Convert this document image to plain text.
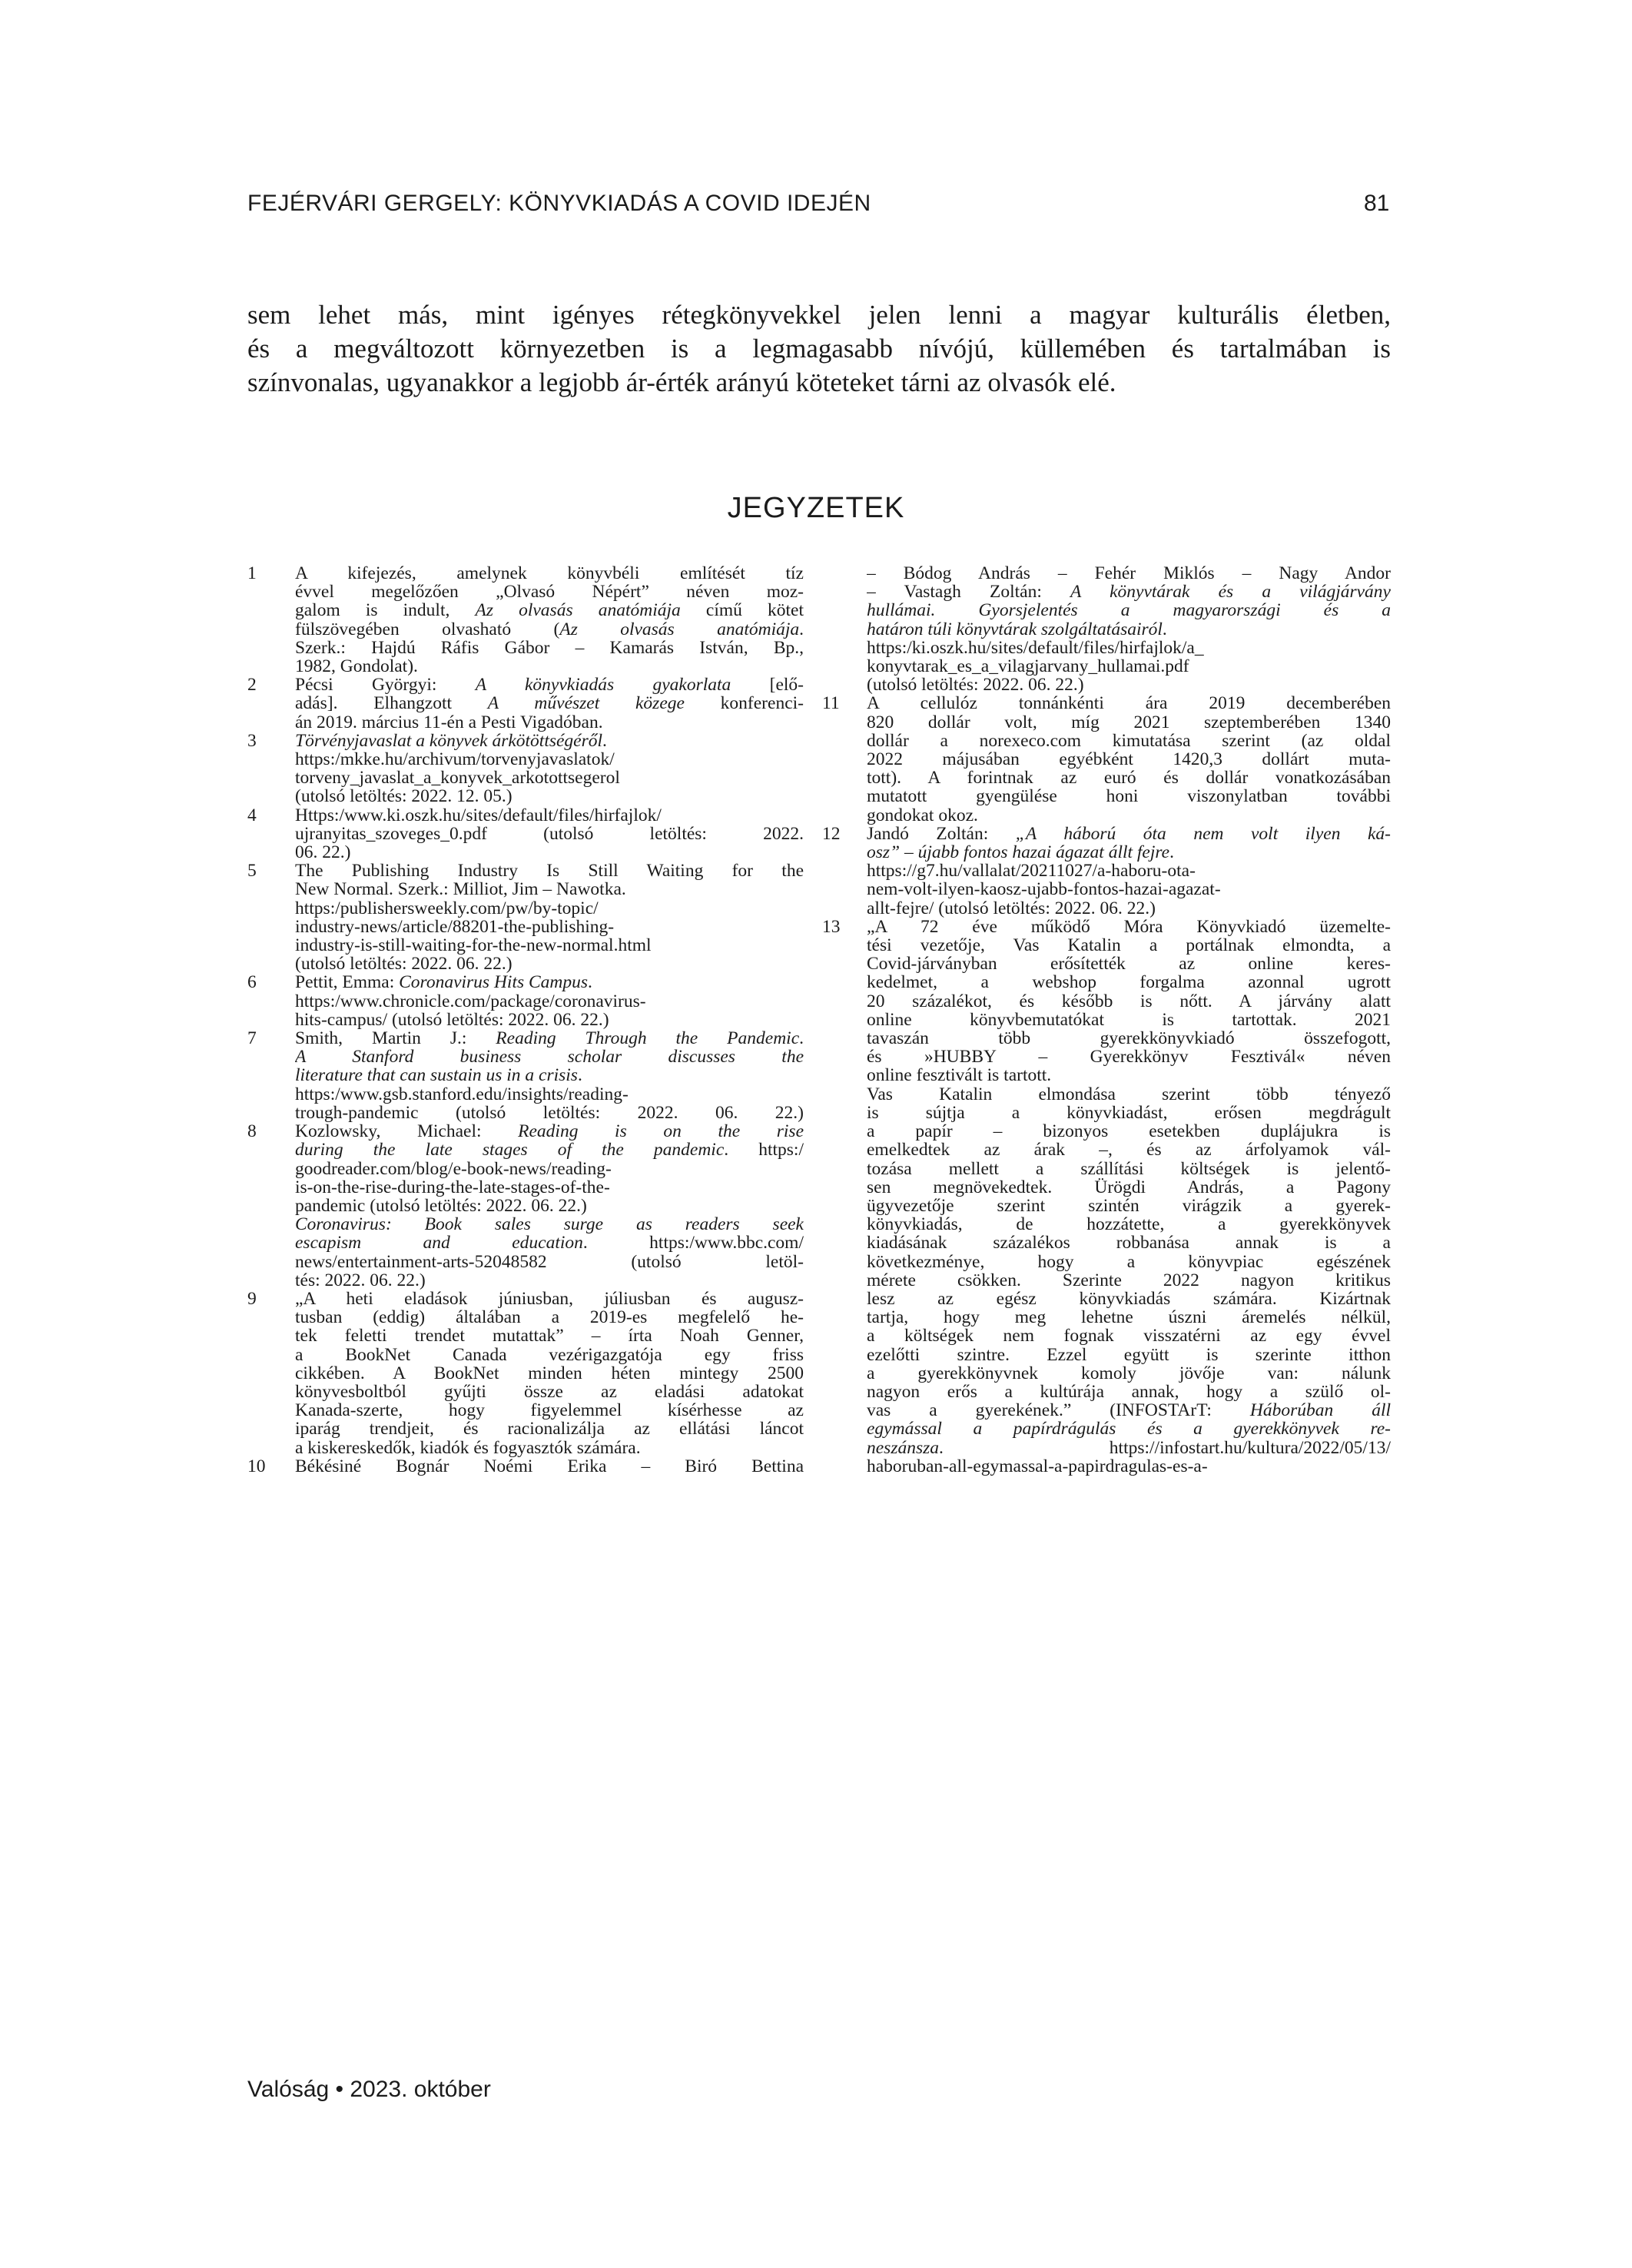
FEJÉRVÁRI GERGELY: KÖNYVKIADÁS A COVID IDEJÉN	81
sem lehet más, mint igényes rétegkönyvekkel jelen lenni a magyar kulturális életben,
és a megváltozott környezetben is a legmagasabb nívójú, küllemében és tartalmában is
színvonalas, ugyanakkor a legjobb ár-érték arányú köteteket tárni az olvasók elé.
JEGYZETEK
1	A kifejezés, amelynek könyvbéli említését tíz
évvel megelőzően „Olvasó Népért” néven moz-
galom is indult, Az olvasás anatómiája című kötet
fülszövegében olvasható (Az olvasás anatómiája.
Szerk.: Hajdú Ráfis Gábor – Kamarás István, Bp.,
1982, Gondolat).
2	Pécsi Györgyi: A könyvkiadás gyakorlata [elő-
adás]. Elhangzott A művészet közege konferenci-
án 2019. március 11-én a Pesti Vigadóban.
3	Törvényjavaslat a könyvek árkötöttségéről.
https:/mkke.hu/archivum/torvenyjavaslatok/
torveny_javaslat_a_konyvek_arkotottsegerol
(utolsó letöltés: 2022. 12. 05.)
4	Https:/www.ki.oszk.hu/sites/default/files/hirfajlok/
ujranyitas_szoveges_0.pdf (utolsó letöltés: 2022.
06. 22.)
5	The Publishing Industry Is Still Waiting for the
New Normal. Szerk.: Milliot, Jim – Nawotka.
https:/publishersweekly.com/pw/by-topic/
industry-news/article/88201-the-publishing-
industry-is-still-waiting-for-the-new-normal.html
(utolsó letöltés: 2022. 06. 22.)
6	Pettit, Emma: Coronavirus Hits Campus.
https:/www.chronicle.com/package/coronavirus-
hits-campus/ (utolsó letöltés: 2022. 06. 22.)
7	Smith, Martin J.: Reading Through the Pandemic.
A Stanford business scholar discusses the
literature that can sustain us in a crisis.
https:/www.gsb.stanford.edu/insights/reading-
trough-pandemic (utolsó letöltés: 2022. 06. 22.)
8	Kozlowsky, Michael: Reading is on the rise
during the late stages of the pandemic. https:/
goodreader.com/blog/e-book-news/reading-
is-on-the-rise-during-the-late-stages-of-the-
pandemic (utolsó letöltés: 2022. 06. 22.)
Coronavirus: Book sales surge as readers seek
escapism and education. https:/www.bbc.com/
news/entertainment-arts-52048582 (utolsó letöl-
tés: 2022. 06. 22.)
9	„A heti eladások júniusban, júliusban és augusz-
tusban (eddig) általában a 2019-es megfelelő he-
tek feletti trendet mutattak” – írta Noah Genner,
a BookNet Canada vezérigazgatója egy friss
cikkében. A BookNet minden héten mintegy 2500
könyvesboltból gyűjti össze az eladási adatokat
Kanada-szerte, hogy figyelemmel kísérhesse az
iparág trendjeit, és racionalizálja az ellátási láncot
a kiskereskedők, kiadók és fogyasztók számára.
10	Békésiné Bognár Noémi Erika – Biró Bettina
– Bódog András – Fehér Miklós – Nagy Andor
– Vastagh Zoltán: A könyvtárak és a világjárvány
hullámai. Gyorsjelentés a magyarországi és a
határon túli könyvtárak szolgáltatásairól.
https:/ki.oszk.hu/sites/default/files/hirfajlok/a_
konyvtarak_es_a_vilagjarvany_hullamai.pdf
(utolsó letöltés: 2022. 06. 22.)
11	A cellulóz tonnánkénti ára 2019 decemberében
820 dollár volt, míg 2021 szeptemberében 1340
dollár a norexeco.com kimutatása szerint (az oldal
2022 májusában egyébként 1420,3 dollárt muta-
tott). A forintnak az euró és dollár vonatkozásában
mutatott gyengülése honi viszonylatban további
gondokat okoz.
12	Jandó Zoltán: „A háború óta nem volt ilyen ká-
osz” – újabb fontos hazai ágazat állt fejre.
https://g7.hu/vallalat/20211027/a-haboru-ota-
nem-volt-ilyen-kaosz-ujabb-fontos-hazai-agazat-
allt-fejre/ (utolsó letöltés: 2022. 06. 22.)
13	„A 72 éve működő Móra Könyvkiadó üzemelte-
tési vezetője, Vas Katalin a portálnak elmondta, a
Covid-járványban erősítették az online keres-
kedelmet, a webshop forgalma azonnal ugrott
20 százalékot, és később is nőtt. A járvány alatt
online könyvbemutatókat is tartottak. 2021
tavaszán több gyerekkönyvkiadó összefogott,
és »HUBBY – Gyerekkönyv Fesztivál« néven
online fesztivált is tartott.
Vas Katalin elmondása szerint több tényező
is sújtja a könyvkiadást, erősen megdrágult
a papír – bizonyos esetekben duplájukra is
emelkedtek az árak –, és az árfolyamok vál-
tozása mellett a szállítási költségek is jelentő-
sen megnövekedtek. Ürögdi András, a Pagony
ügyvezetője szerint szintén virágzik a gyerek-
könyvkiadás, de hozzátette, a gyerekkönyvek
kiadásának százalékos robbanása annak is a
következménye, hogy a könyvpiac egészének
mérete csökken. Szerinte 2022 nagyon kritikus
lesz az egész könyvkiadás számára. Kizártnak
tartja, hogy meg lehetne úszni áremelés nélkül,
a költségek nem fognak visszatérni az egy évvel
ezelőtti szintre. Ezzel együtt is szerinte itthon
a gyerekkönyvnek komoly jövője van: nálunk
nagyon erős a kultúrája annak, hogy a szülő ol-
vas a gyerekének.” (INFOSTArT: Háborúban áll
egymással a papírdrágulás és a gyerekkönyvek re-
neszánsza. https://infostart.hu/kultura/2022/05/13/
haboruban-all-egymassal-a-papirdragulas-es-a-
Valóság • 2023. október
